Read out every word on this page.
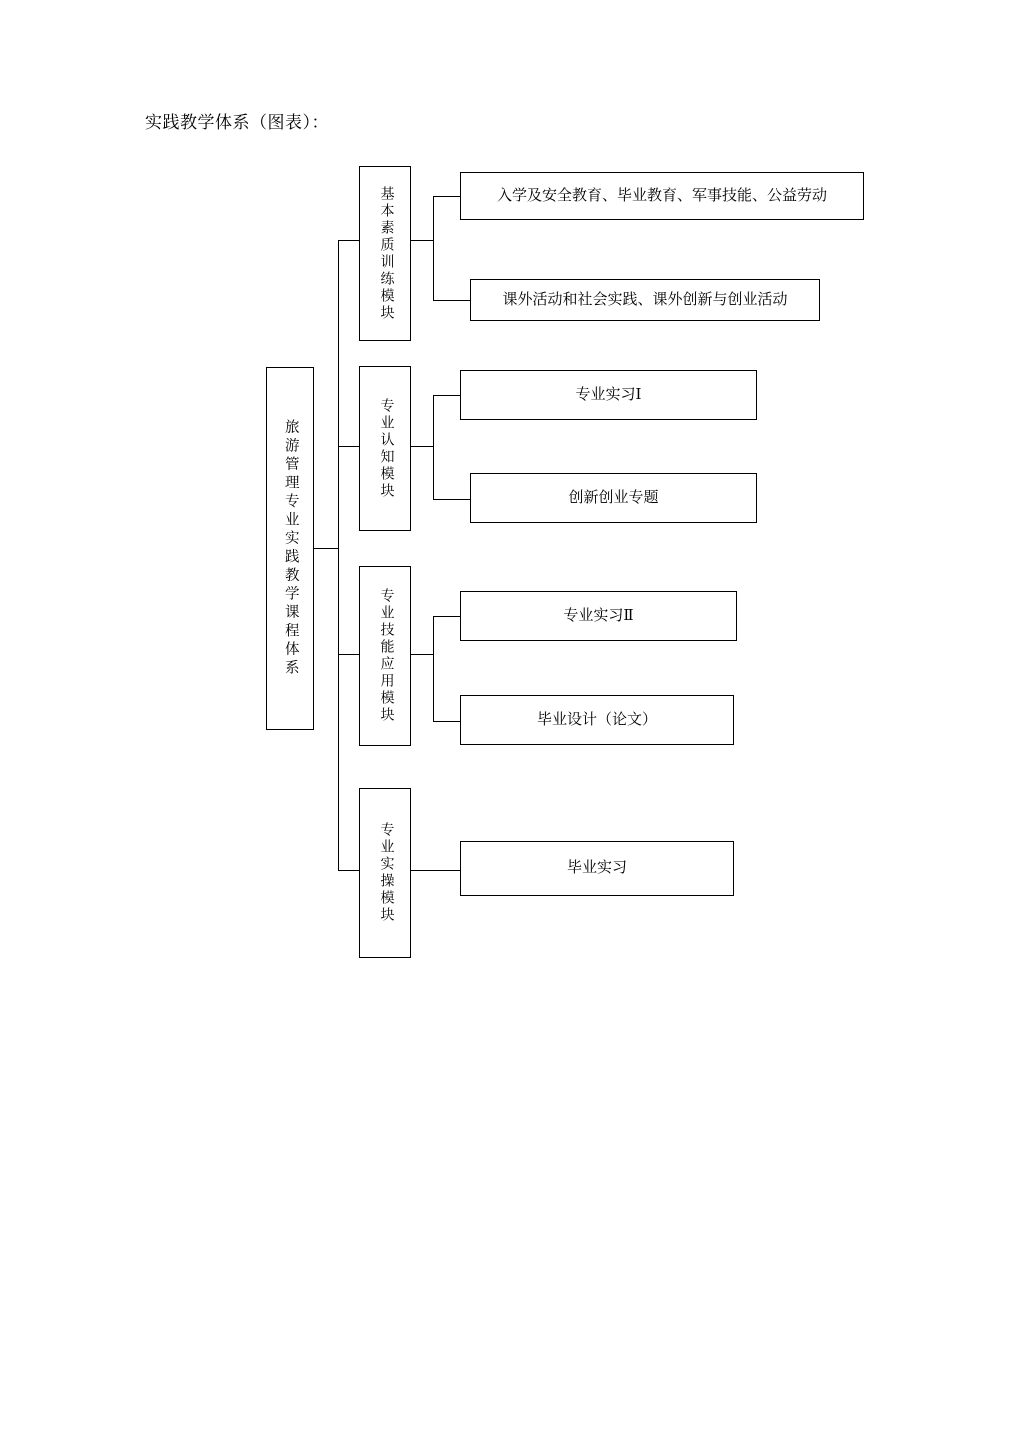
实践教学体系（图表）：
旅游管理专业实践教学课程体系
基本素质训练模块	入学及安全教育、毕业教育、军事技能、公益劳动
课外活动和社会实践、课外创新与创业活动
专业认知模块
专业实习Ⅰ
创新创业专题
专业技能应用模块	专业实习Ⅱ
毕业设计（论文）
专业实操模块	毕业实习
